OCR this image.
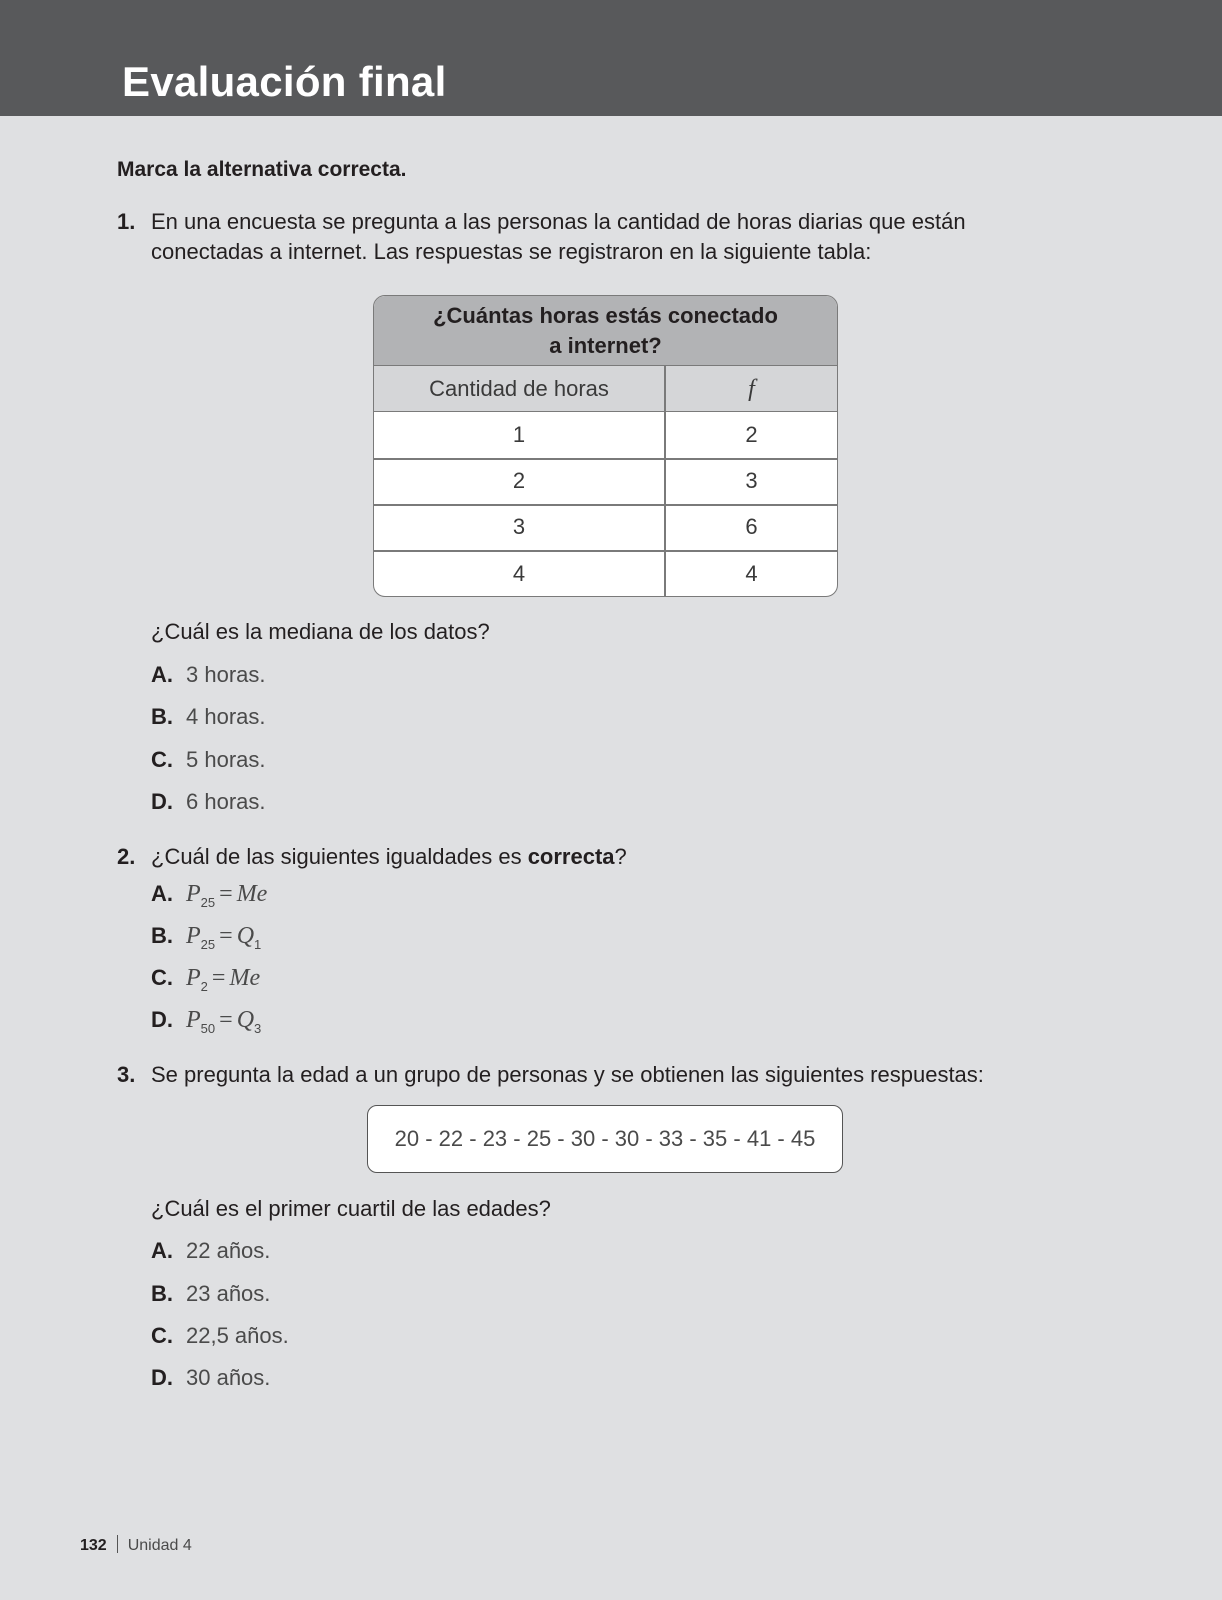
Evaluación final
Marca la alternativa correcta.
1. En una encuesta se pregunta a las personas la cantidad de horas diarias que están conectadas a internet. Las respuestas se registraron en la siguiente tabla:
¿Cuántas horas estás conectado
a internet?
Cantidad de horas	f
1	2
2	3
3	6
4	4
¿Cuál es la mediana de los datos?
A. 3 horas.
B. 4 horas.
C. 5 horas.
D. 6 horas.
2. ¿Cuál de las siguientes igualdades es correcta?
A. $P_{25} = Me$
B. $P_{25} = Q_1$
C. $P_2 = Me$
D. $P_{50} = Q_3$
3. Se pregunta la edad a un grupo de personas y se obtienen las siguientes respuestas:
20 - 22 - 23 - 25 - 30 - 30 - 33 - 35 - 41 - 45
¿Cuál es el primer cuartil de las edades?
A. 22 años.
B. 23 años.
C. 22,5 años.
D. 30 años.
132 Unidad 4
